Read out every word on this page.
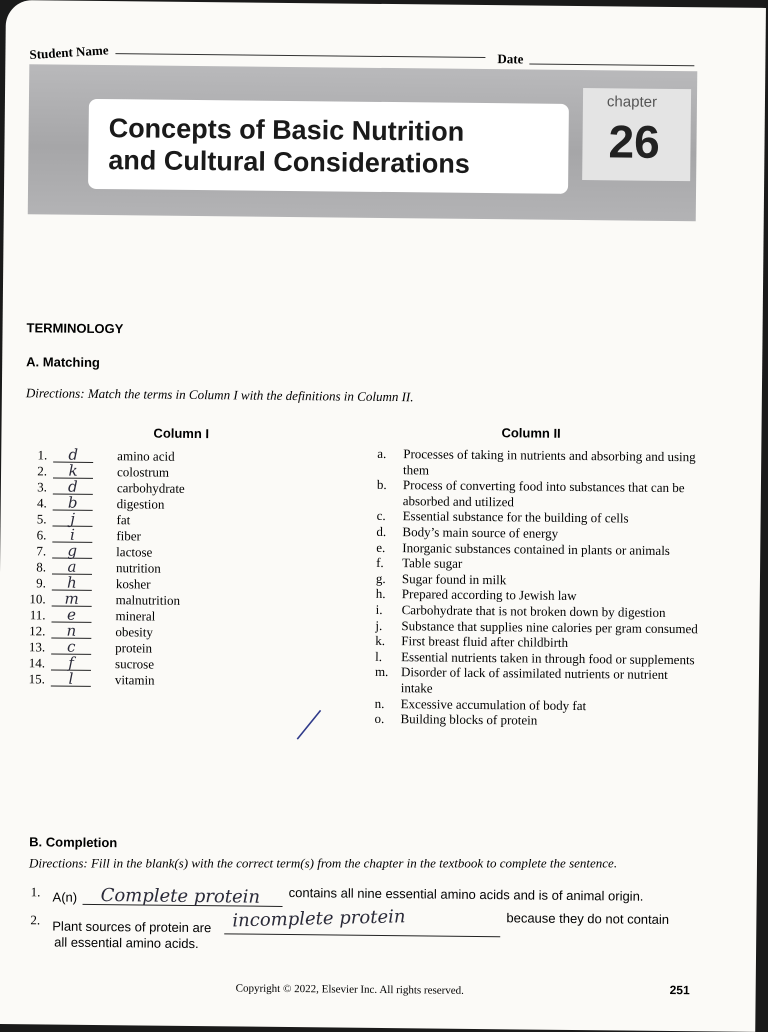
Student Name	Date
Concepts of Basic Nutrition
and Cultural Considerations
chapter
26
TERMINOLOGY
A. Matching
Directions: Match the terms in Column I with the definitions in Column II.
Column I	Column II
1.	d	amino acid
2.	k	colostrum
3.	d	carbohydrate
4.	b	digestion
5.	j	fat
6.	i	fiber
7.	g	lactose
8.	a	nutrition
9.	h	kosher
10.	m	malnutrition
11.	e	mineral
12.	n	obesity
13.	c	protein
14.	f	sucrose
15.	l	vitamin
a. Processes of taking in nutrients and absorbing and using them
b. Process of converting food into substances that can be absorbed and utilized
c. Essential substance for the building of cells
d. Body’s main source of energy
e. Inorganic substances contained in plants or animals
f. Table sugar
g. Sugar found in milk
h. Prepared according to Jewish law
i. Carbohydrate that is not broken down by digestion
j. Substance that supplies nine calories per gram consumed
k. First breast fluid after childbirth
l. Essential nutrients taken in through food or supplements
m. Disorder of lack of assimilated nutrients or nutrient intake
n. Excessive accumulation of body fat
o. Building blocks of protein
B. Completion
Directions: Fill in the blank(s) with the correct term(s) from the chapter in the textbook to complete the sentence.
1. A(n) Complete protein contains all nine essential amino acids and is of animal origin.
2. Plant sources of protein are incomplete protein	because they do not contain
all essential amino acids.
Copyright © 2022, Elsevier Inc. All rights reserved.	251
